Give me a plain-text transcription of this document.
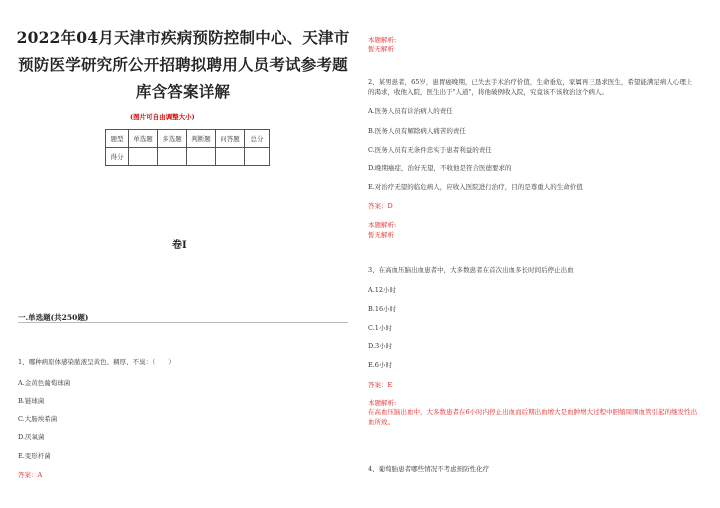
2022年04月天津市疾病预防控制中心、天津市预防医学研究所公开招聘拟聘用人员考试参考题库含答案详解
(图片可自由调整大小)
题型	单选题	多选题	判断题	问答题	总分
得分					
卷I
一.单选题(共250题)
1、哪种病原体感染脓液呈黄色、稠厚、不臭：（　　）
A.金黄色葡萄球菌
B.链球菌
C.大肠埃希菌
D.厌氧菌
E.变形杆菌
答案：A
本题解析:
暂无解析
2、某男患者，65岁，患胃癌晚期，已失去手术治疗价值，生命垂危，家属再三恳求医生，希望能满足病人心理上的渴求，收他入院，医生出于"人道"，将他破例收入院，究竟该不该收治这个病人。
A.医务人员有诊治病人的责任
B.医务人员有解除病人痛苦的责任
C.医务人员有无条件忠实于患者利益的责任
D.晚期癌症，治好无望，不收他是符合医德要求的
E.对治疗无望的临危病人，应收入医院进行治疗，目的是尊重人的生命价值
答案：D
本题解析:
暂无解析
3、在高血压脑出血患者中，大多数患者在首次出血多长时间后停止出血
A.12小时
B.16小时
C.1小时
D.3小时
E.6小时
答案：E
本题解析:
在高血压脑出血中，大多数患者在6小时内停止出血而后期出血增大是血肿增大过程中胆缩周围血管引起的继发性出血所致。
4、葡萄胎患者哪些情况不考虑预防性化疗
